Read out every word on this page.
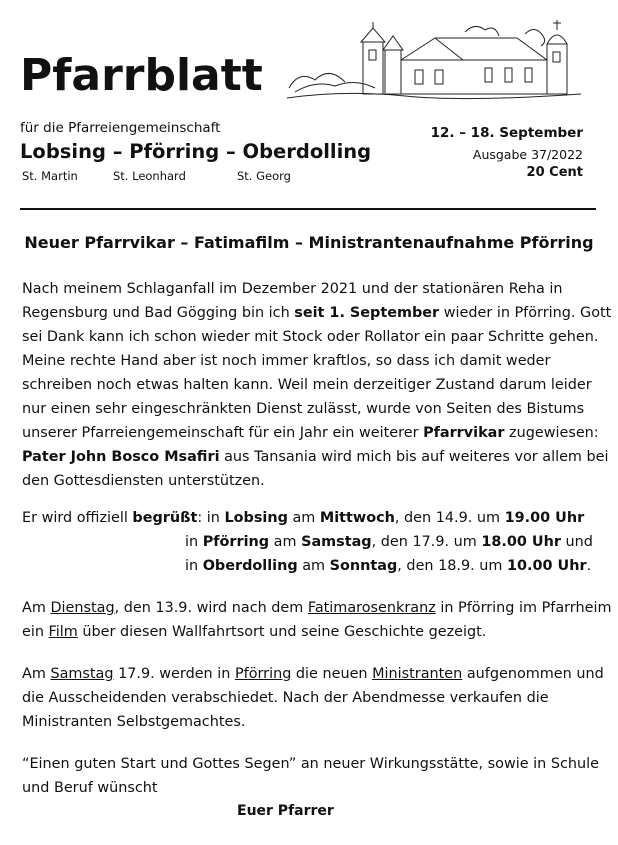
Pfarrblatt
für die Pfarreiengemeinschaft
Lobsing – Pförring – Oberdolling
St. Martin	St. Leonhard	St. Georg
12. – 18. September
Ausgabe 37/2022
20 Cent
Neuer Pfarrvikar – Fatimafilm – Ministrantenaufnahme Pförring
Nach meinem Schlaganfall im Dezember 2021 und der stationären Reha in Regensburg und Bad Gögging bin ich seit 1. September wieder in Pförring. Gott sei Dank kann ich schon wieder mit Stock oder Rollator ein paar Schritte gehen. Meine rechte Hand aber ist noch immer kraftlos, so dass ich damit weder schreiben noch etwas halten kann. Weil mein derzeitiger Zustand darum leider nur einen sehr eingeschränkten Dienst zulässt, wurde von Seiten des Bistums unserer Pfarreiengemeinschaft für ein Jahr ein weiterer Pfarrvikar zugewiesen: Pater John Bosco Msafiri aus Tansania wird mich bis auf weiteres vor allem bei den Gottesdiensten unterstützen.
Er wird offiziell begrüßt: in Lobsing am Mittwoch, den 14.9. um 19.00 Uhr
in Pförring am Samstag, den 17.9. um 18.00 Uhr und
in Oberdolling am Sonntag, den 18.9. um 10.00 Uhr.
Am Dienstag, den 13.9. wird nach dem Fatimarosenkranz in Pförring im Pfarrheim ein Film über diesen Wallfahrtsort und seine Geschichte gezeigt.
Am Samstag 17.9. werden in Pförring die neuen Ministranten aufgenommen und die Ausscheidenden verabschiedet. Nach der Abendmesse verkaufen die Ministranten Selbstgemachtes.
“Einen guten Start und Gottes Segen” an neuer Wirkungsstätte, sowie in Schule und Beruf wünscht
Euer Pfarrer
